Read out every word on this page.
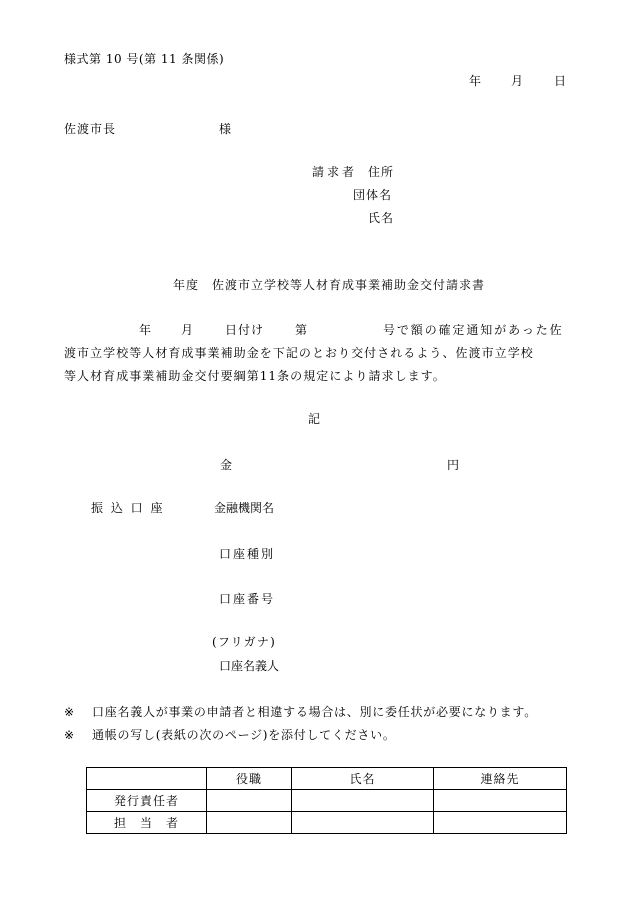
様式第 10 号(第 11 条関係)
年 月	日
佐渡市長	様
請求者 住所
団体名
氏名
年度　佐渡市立学校等人材育成事業補助金交付請求書
年 月	日付け	第	号で額の確定通知があった佐
渡市立学校等人材育成事業補助金を下記のとおり交付されるよう、佐渡市立学校
等人材育成事業補助金交付要綱第11条の規定により請求します。
記
金	円
振 込 口 座	金融機関名
口座種別
口座番号
(フリガナ)
口座名義人
※ 口座名義人が事業の申請者と相違する場合は、別に委任状が必要になります。
※ 通帳の写し(表紙の次のページ)を添付してください。
	役職	氏名	連絡先
発行責任者			
担　当　者			
